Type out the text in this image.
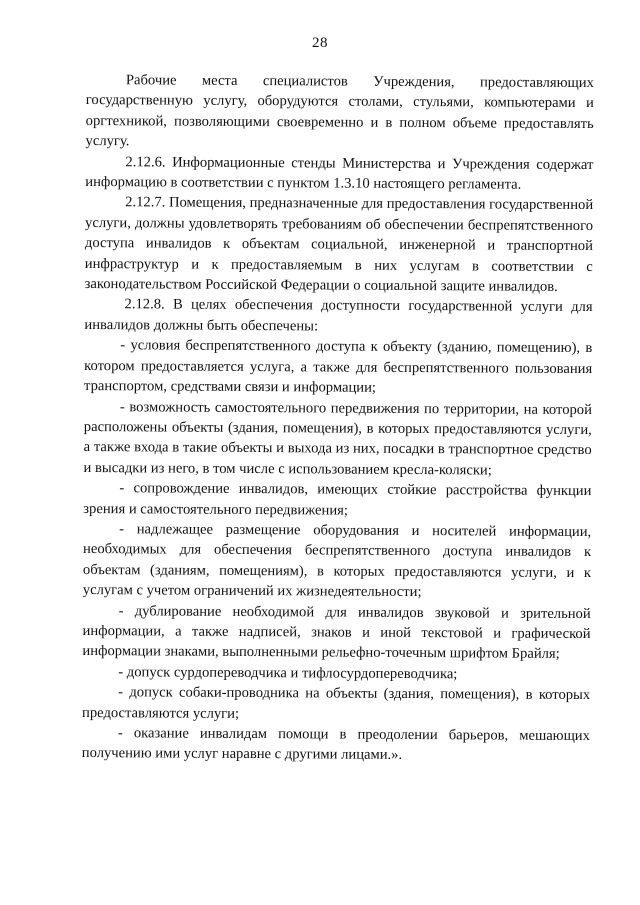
28

Рабочие места специалистов Учреждения, предоставляющих государственную услугу, оборудуются столами, стульями, компьютерами и оргтехникой, позволяющими своевременно и в полном объеме предоставлять услугу.

2.12.6. Информационные стенды Министерства и Учреждения содержат информацию в соответствии с пунктом 1.3.10 настоящего регламента.

2.12.7. Помещения, предназначенные для предоставления государственной услуги, должны удовлетворять требованиям об обеспечении беспрепятственного доступа инвалидов к объектам социальной, инженерной и транспортной инфраструктур и к предоставляемым в них услугам в соответствии с законодательством Российской Федерации о социальной защите инвалидов.

2.12.8. В целях обеспечения доступности государственной услуги для инвалидов должны быть обеспечены:

- условия беспрепятственного доступа к объекту (зданию, помещению), в котором предоставляется услуга, а также для беспрепятственного пользования транспортом, средствами связи и информации;

- возможность самостоятельного передвижения по территории, на которой расположены объекты (здания, помещения), в которых предоставляются услуги, а также входа в такие объекты и выхода из них, посадки в транспортное средство и высадки из него, в том числе с использованием кресла-коляски;

- сопровождение инвалидов, имеющих стойкие расстройства функции зрения и самостоятельного передвижения;

- надлежащее размещение оборудования и носителей информации, необходимых для обеспечения беспрепятственного доступа инвалидов к объектам (зданиям, помещениям), в которых предоставляются услуги, и к услугам с учетом ограничений их жизнедеятельности;

- дублирование необходимой для инвалидов звуковой и зрительной информации, а также надписей, знаков и иной текстовой и графической информации знаками, выполненными рельефно-точечным шрифтом Брайля;

- допуск сурдопереводчика и тифлосурдопереводчика;

- допуск собаки-проводника на объекты (здания, помещения), в которых предоставляются услуги;

- оказание инвалидам помощи в преодолении барьеров, мешающих получению ими услуг наравне с другими лицами.».
